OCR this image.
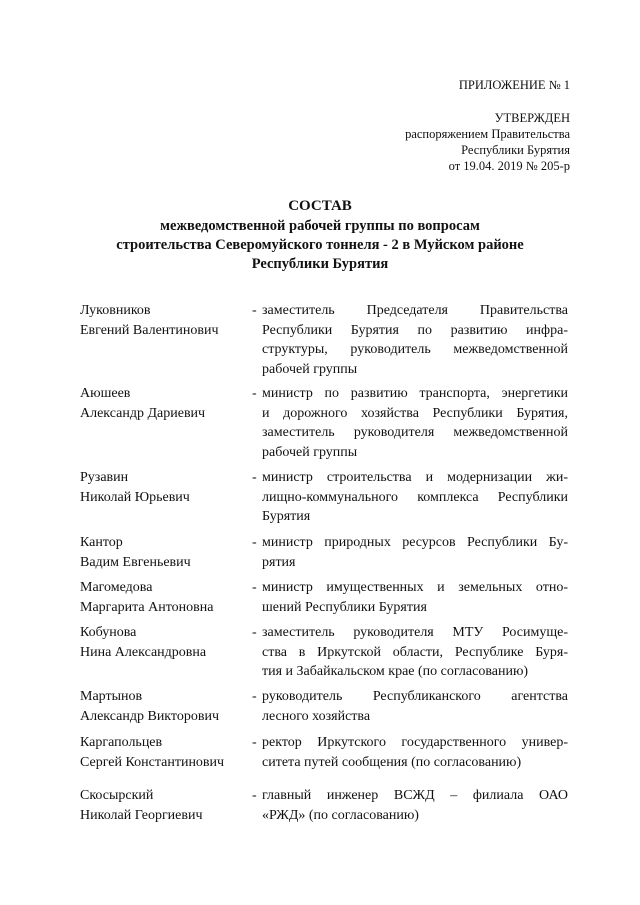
ПРИЛОЖЕНИЕ № 1
УТВЕРЖДЕН
распоряжением Правительства
Республики Бурятия
от 19.04. 2019 № 205-р
СОСТАВ
межведомственной рабочей группы по вопросам
строительства Северомуйского тоннеля - 2 в Муйском районе
Республики Бурятия
Луковников
Евгений Валентинович
- заместитель Председателя Правительства
Республики Бурятия по развитию инфра-
структуры, руководитель межведомственной
рабочей группы
Аюшеев
Александр Дариевич
- министр по развитию транспорта, энергетики
и дорожного хозяйства Республики Бурятия,
заместитель руководителя межведомственной
рабочей группы
Рузавин
Николай Юрьевич
- министр строительства и модернизации жи-
лищно-коммунального комплекса Республики
Бурятия
Кантор
Вадим Евгеньевич
- министр природных ресурсов Республики Бу-
рятия
Магомедова
Маргарита Антоновна
- министр имущественных и земельных отно-
шений Республики Бурятия
Кобунова
Нина Александровна
- заместитель руководителя МТУ Росимуще-
ства в Иркутской области, Республике Буря-
тия и Забайкальском крае (по согласованию)
Мартынов
Александр Викторович
- руководитель Республиканского агентства
лесного хозяйства
Каргапольцев
Сергей Константинович
- ректор Иркутского государственного универ-
ситета путей сообщения (по согласованию)
Скосырский
Николай Георгиевич
- главный инженер ВСЖД – филиала ОАО
«РЖД» (по согласованию)
